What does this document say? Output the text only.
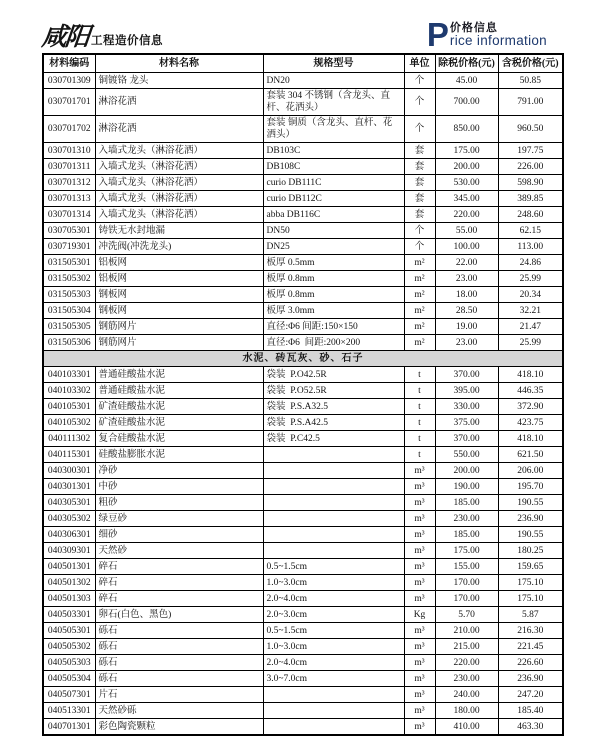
咸阳 工程造价信息	P 价格信息
rice information
材料编码	材料名称	规格型号	单位	除税价格(元)	含税价格(元)
030701309	铜镀铬 龙头	DN20	个	45.00	50.85
030701701	淋浴花洒	套装 304 不锈钢（含龙头、直杆、花洒头）	个	700.00	791.00
030701702	淋浴花洒	套装 铜质（含龙头、直杆、花洒头）	个	850.00	960.50
030701310	入墙式龙头（淋浴花洒）	DB103C	套	175.00	197.75
030701311	入墙式龙头（淋浴花洒）	DB108C	套	200.00	226.00
030701312	入墙式龙头（淋浴花洒）	curio DB111C	套	530.00	598.90
030701313	入墙式龙头（淋浴花洒）	curio DB112C	套	345.00	389.85
030701314	入墙式龙头（淋浴花洒）	abba DB116C	套	220.00	248.60
030705301	铸铁无水封地漏	DN50	个	55.00	62.15
030719301	冲洗阀(冲洗龙头)	DN25	个	100.00	113.00
031505301	铝板网	板厚 0.5mm	m²	22.00	24.86
031505302	铝板网	板厚 0.8mm	m²	23.00	25.99
031505303	钢板网	板厚 0.8mm	m²	18.00	20.34
031505304	钢板网	板厚 3.0mm	m²	28.50	32.21
031505305	钢筋网片	直径:Φ6 间距:150×150	m²	19.00	21.47
031505306	钢筋网片	直径:Φ6  间距:200×200	m²	23.00	25.99
水泥、砖瓦灰、砂、石子					
040103301	普通硅酸盐水泥	袋装  P.O42.5R	t	370.00	418.10
040103302	普通硅酸盐水泥	袋装  P.O52.5R	t	395.00	446.35
040105301	矿渣硅酸盐水泥	袋装  P.S.A32.5	t	330.00	372.90
040105302	矿渣硅酸盐水泥	袋装  P.S.A42.5	t	375.00	423.75
040111302	复合硅酸盐水泥	袋装  P.C42.5	t	370.00	418.10
040115301	硅酸盐膨胀水泥		t	550.00	621.50
040300301	净砂		m³	200.00	206.00
040301301	中砂		m³	190.00	195.70
040305301	粗砂		m³	185.00	190.55
040305302	绿豆砂		m³	230.00	236.90
040306301	细砂		m³	185.00	190.55
040309301	天然砂		m³	175.00	180.25
040501301	碎石	0.5~1.5cm	m³	155.00	159.65
040501302	碎石	1.0~3.0cm	m³	170.00	175.10
040501303	碎石	2.0~4.0cm	m³	170.00	175.10
040503301	卵石(白色、黑色)	2.0~3.0cm	Kg	5.70	5.87
040505301	砾石	0.5~1.5cm	m³	210.00	216.30
040505302	砾石	1.0~3.0cm	m³	215.00	221.45
040505303	砾石	2.0~4.0cm	m³	220.00	226.60
040505304	砾石	3.0~7.0cm	m³	230.00	236.90
040507301	片石		m³	240.00	247.20
040513301	天然砂砾		m³	180.00	185.40
040701301	彩色陶瓷颗粒		m³	410.00	463.30
